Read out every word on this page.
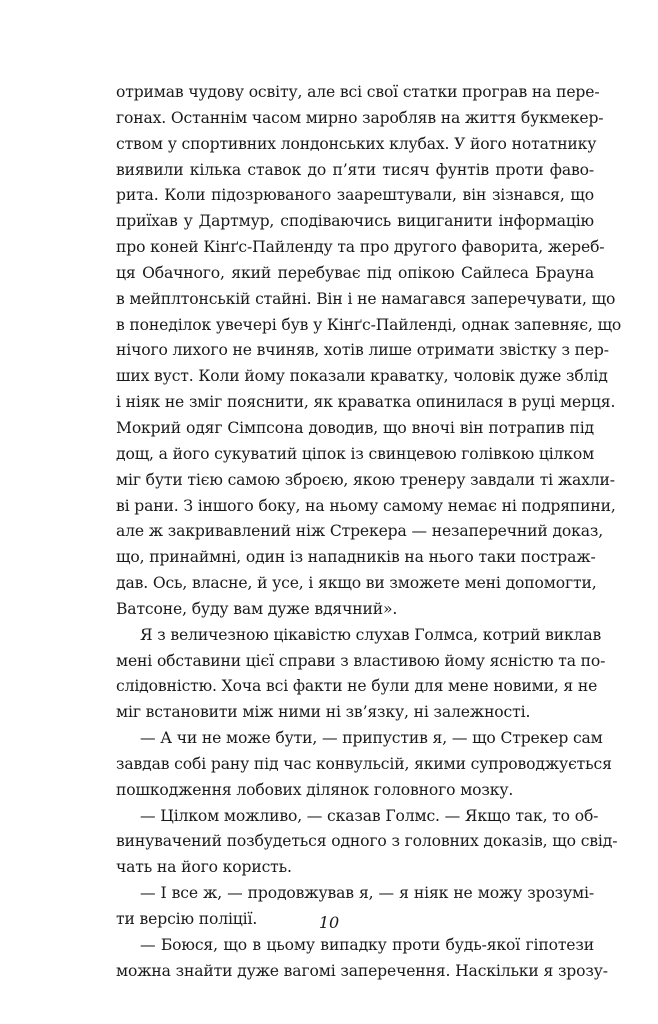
отримав чудову освіту, але всі свої статки програв на пере-
гонах. Останнім часом мирно заробляв на життя букмекер-
ством у спортивних лондонських клубах. У його нотатнику
виявили кілька ставок до п’яти тисяч фунтів проти фаво-
рита. Коли підозрюваного заарештували, він зізнався, що
приїхав у Дартмур, сподіваючись вициганити інформацію
про коней Кінґс-Пайленду та про другого фаворита, жереб-
ця Обачного, який перебуває під опікою Сайлеса Брауна
в мейплтонській стайні. Він і не намагався заперечувати, що
в понеділок увечері був у Кінґс-Пайленді, однак запевняє, що
нічого лихого не вчиняв, хотів лише отримати звістку з пер-
ших вуст. Коли йому показали краватку, чоловік дуже зблід
і ніяк не зміг пояснити, як краватка опинилася в руці мерця.
Мокрий одяг Сімпсона доводив, що вночі він потрапив під
дощ, а його сукуватий ціпок із свинцевою голівкою цілком
міг бути тією самою зброєю, якою тренеру завдали ті жахли-
ві рани. З іншого боку, на ньому самому немає ні подряпини,
але ж закривавлений ніж Стрекера — незаперечний доказ,
що, принаймні, один із нападників на нього таки постраж-
дав. Ось, власне, й усе, і якщо ви зможете мені допомогти,
Ватсоне, буду вам дуже вдячний».
Я з величезною цікавістю слухав Голмса, котрий виклав
мені обставини цієї справи з властивою йому ясністю та по-
слідовністю. Хоча всі факти не були для мене новими, я не
міг встановити між ними ні зв’язку, ні залежності.
— А чи не може бути, — припустив я, — що Стрекер сам
завдав собі рану під час конвульсій, якими супроводжується
пошкодження лобових ділянок головного мозку.
— Цілком можливо, — сказав Голмс. — Якщо так, то об-
винувачений позбудеться одного з головних доказів, що свід-
чать на його користь.
— І все ж, — продовжував я, — я ніяк не можу зрозумі-
ти версію поліції.
— Боюся, що в цьому випадку проти будь-якої гіпотези
можна знайти дуже вагомі заперечення. Наскільки я зрозу-
10
